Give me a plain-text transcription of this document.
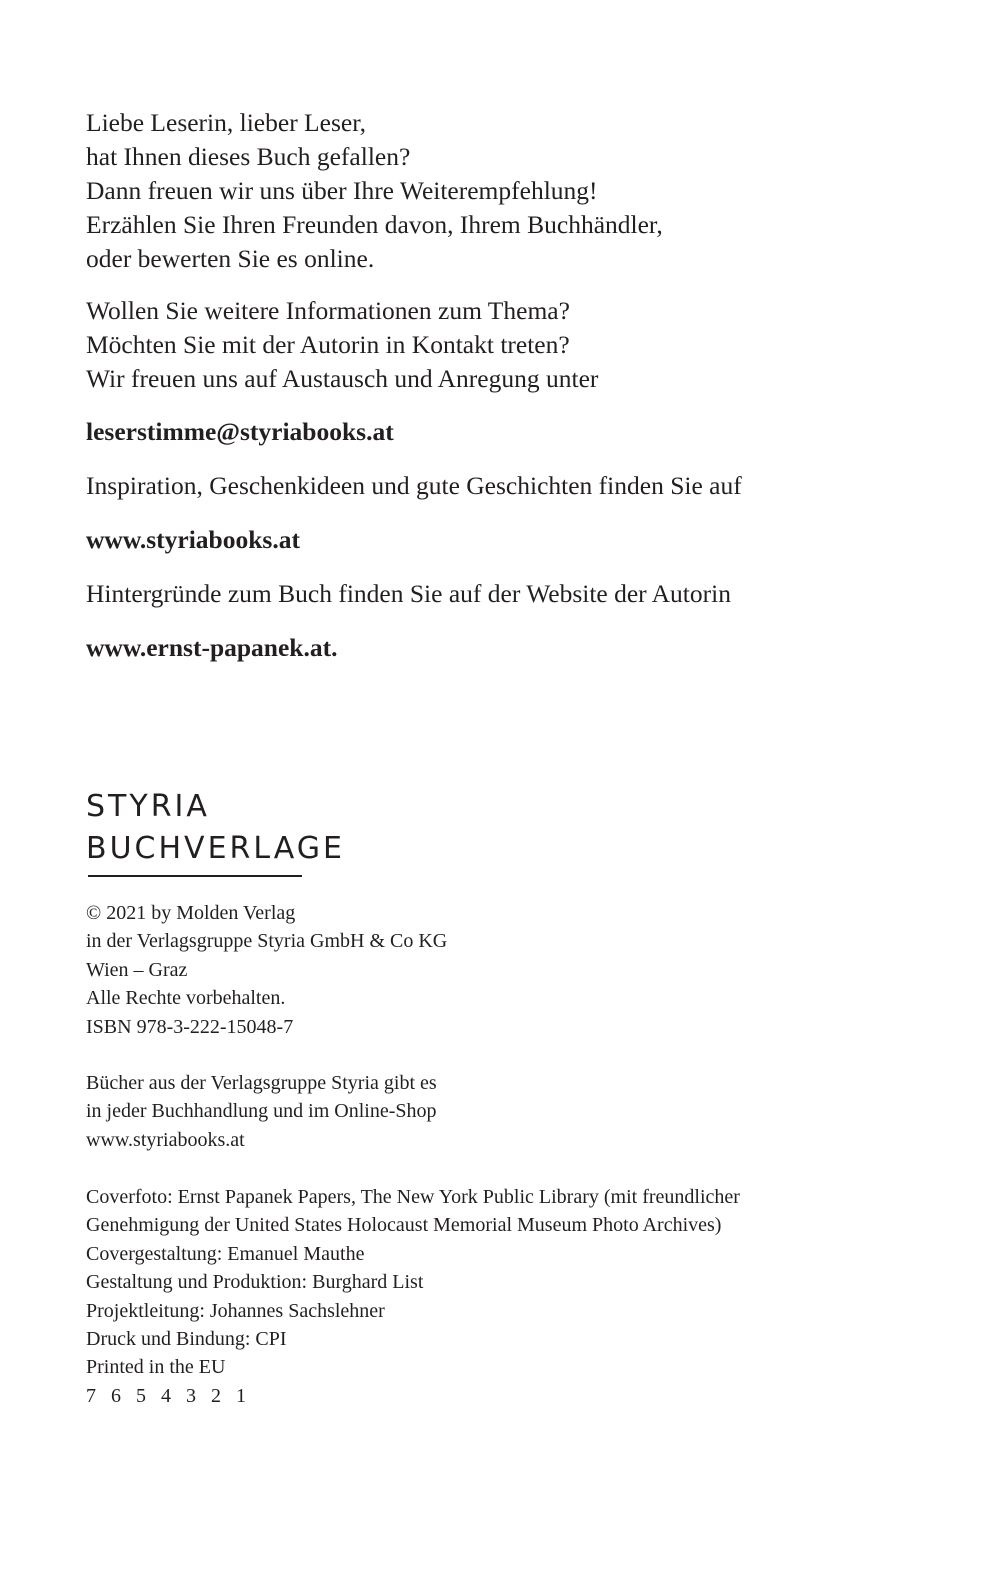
Liebe Leserin, lieber Leser,
hat Ihnen dieses Buch gefallen?
Dann freuen wir uns über Ihre Weiterempfehlung!
Erzählen Sie Ihren Freunden davon, Ihrem Buchhändler,
oder bewerten Sie es online.
Wollen Sie weitere Informationen zum Thema?
Möchten Sie mit der Autorin in Kontakt treten?
Wir freuen uns auf Austausch und Anregung unter
leserstimme@styriabooks.at
Inspiration, Geschenkideen und gute Geschichten finden Sie auf
www.styriabooks.at
Hintergründe zum Buch finden Sie auf der Website der Autorin
www.ernst-papanek.at.
STYRIA
BUCHVERLAGE
© 2021 by Molden Verlag
in der Verlagsgruppe Styria GmbH & Co KG
Wien – Graz
Alle Rechte vorbehalten.
ISBN 978-3-222-15048-7
Bücher aus der Verlagsgruppe Styria gibt es
in jeder Buchhandlung und im Online-Shop
www.styriabooks.at
Coverfoto: Ernst Papanek Papers, The New York Public Library (mit freundlicher
Genehmigung der United States Holocaust Memorial Museum Photo Archives)
Covergestaltung: Emanuel Mauthe
Gestaltung und Produktion: Burghard List
Projektleitung: Johannes Sachslehner
Druck und Bindung: CPI
Printed in the EU
7 6 5 4 3 2 1
